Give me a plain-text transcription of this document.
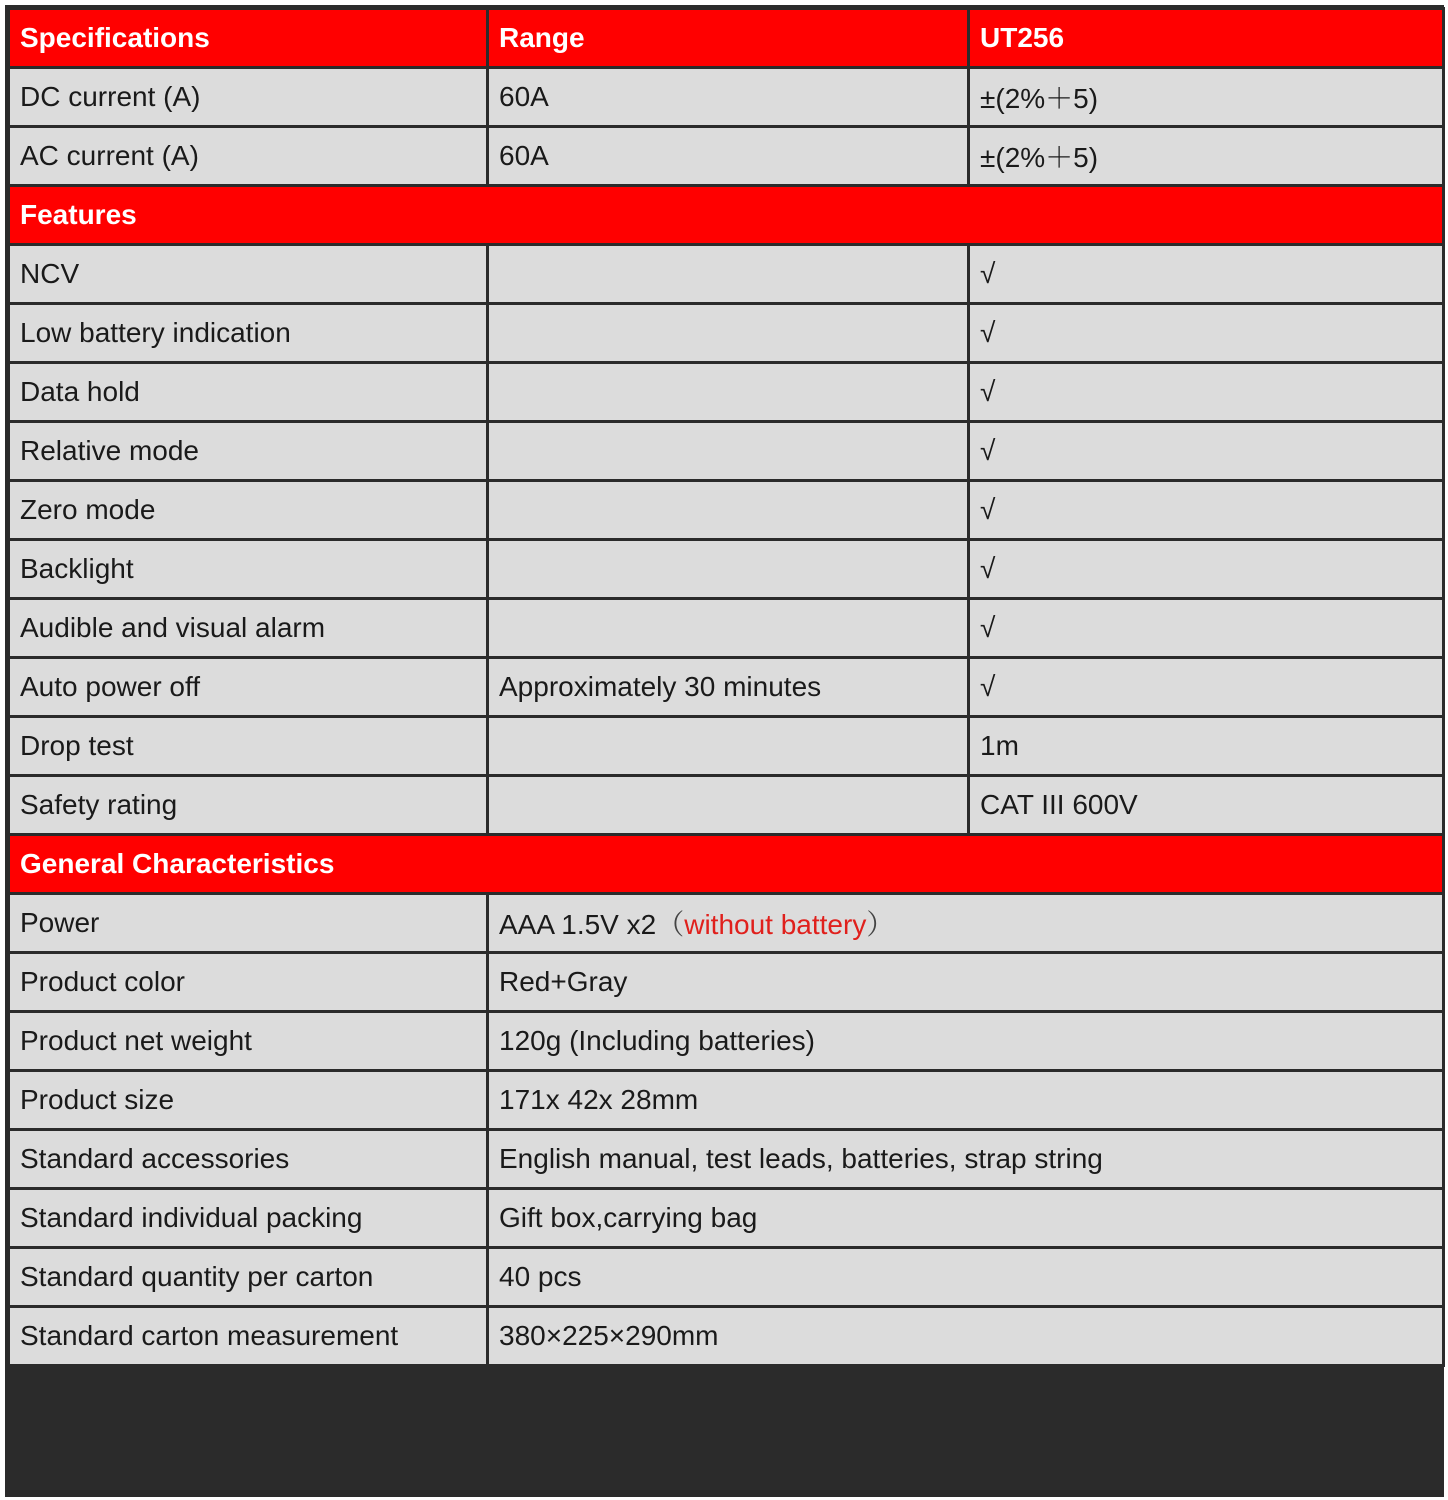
Specifications	Range	UT256
DC current (A)	60A	±(2%＋5)
AC current (A)	60A	±(2%＋5)
Features		
NCV		√
Low battery indication		√
Data hold		√
Relative mode		√
Zero mode		√
Backlight		√
Audible and visual alarm		√
Auto power off	Approximately 30 minutes	√
Drop test		1m
Safety rating		CAT III 600V
General Characteristics		
Power	AAA 1.5V x2（without battery）	
Product color	Red+Gray	
Product net weight	120g (Including batteries)	
Product size	171x 42x 28mm	
Standard accessories	English manual, test leads, batteries, strap string	
Standard individual packing	Gift box,carrying bag	
Standard quantity per carton	40 pcs	
Standard carton measurement	380×225×290mm	
